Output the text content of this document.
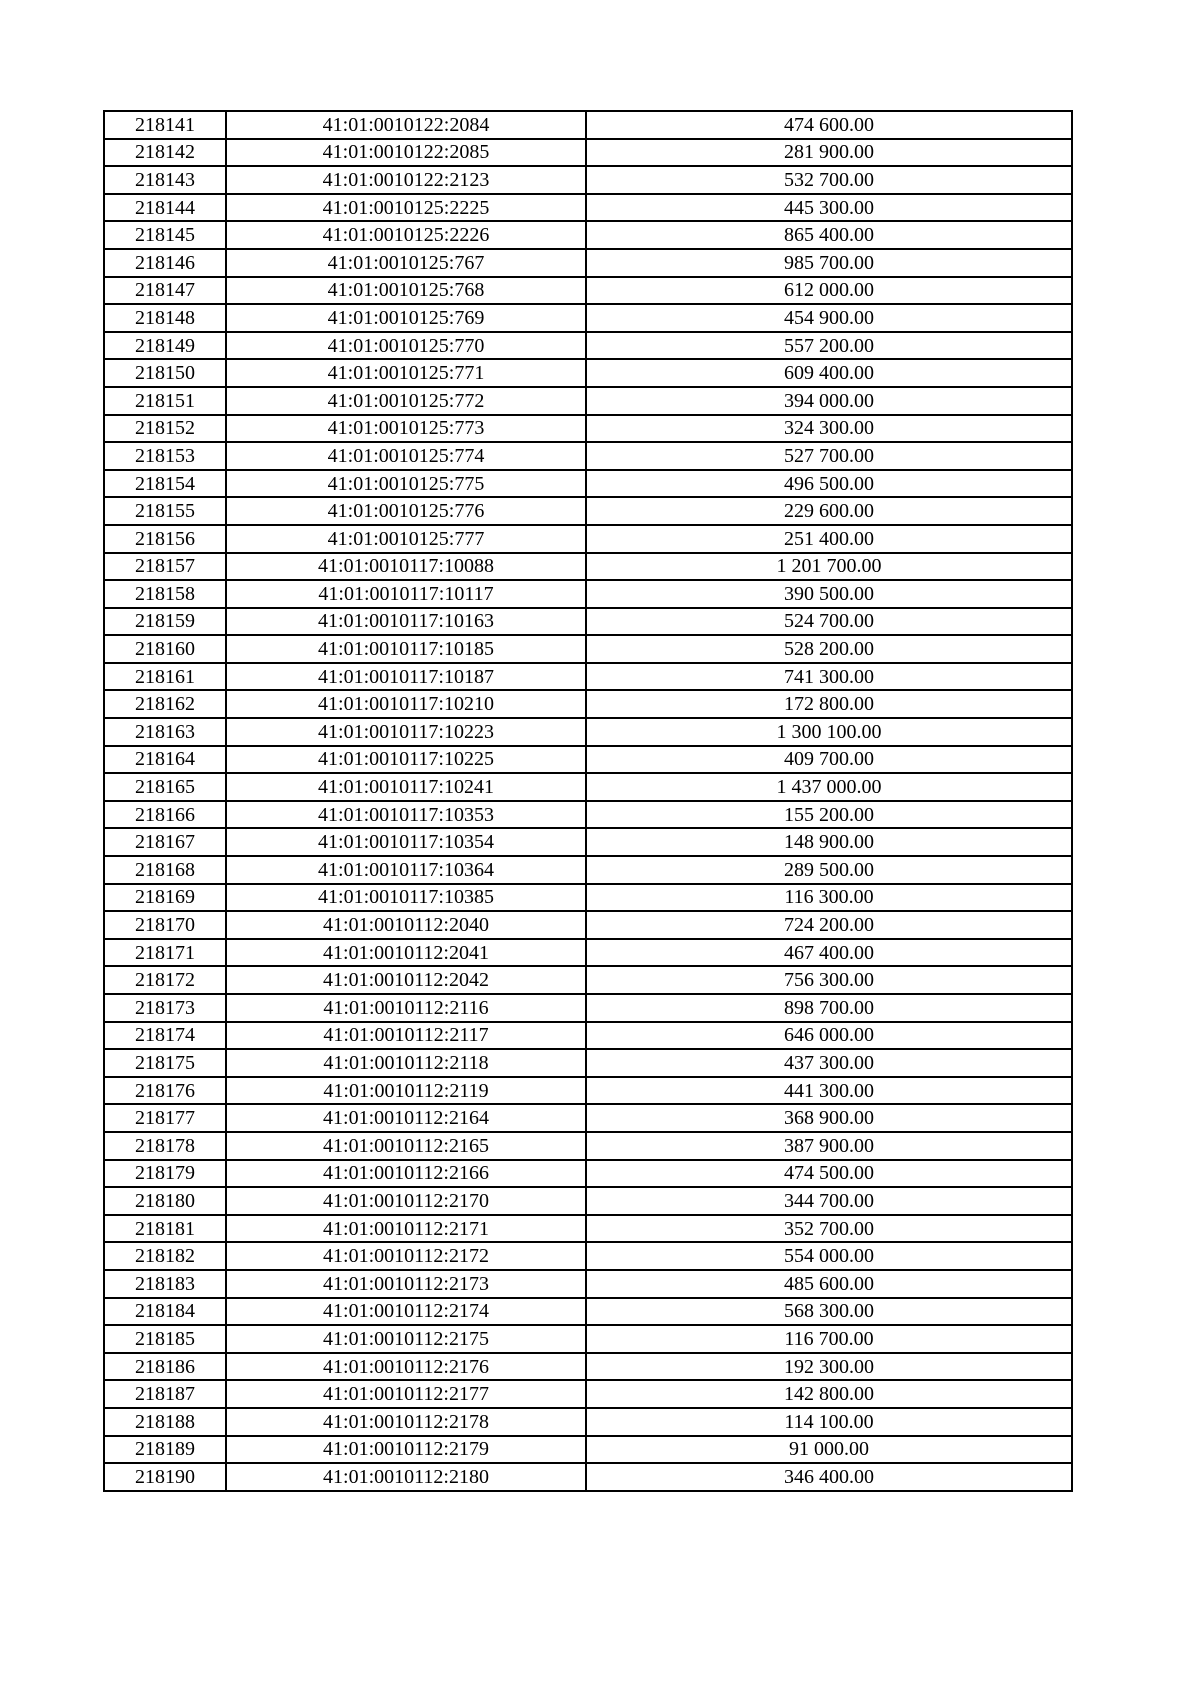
218141	41:01:0010122:2084	474 600.00
218142	41:01:0010122:2085	281 900.00
218143	41:01:0010122:2123	532 700.00
218144	41:01:0010125:2225	445 300.00
218145	41:01:0010125:2226	865 400.00
218146	41:01:0010125:767	985 700.00
218147	41:01:0010125:768	612 000.00
218148	41:01:0010125:769	454 900.00
218149	41:01:0010125:770	557 200.00
218150	41:01:0010125:771	609 400.00
218151	41:01:0010125:772	394 000.00
218152	41:01:0010125:773	324 300.00
218153	41:01:0010125:774	527 700.00
218154	41:01:0010125:775	496 500.00
218155	41:01:0010125:776	229 600.00
218156	41:01:0010125:777	251 400.00
218157	41:01:0010117:10088	1 201 700.00
218158	41:01:0010117:10117	390 500.00
218159	41:01:0010117:10163	524 700.00
218160	41:01:0010117:10185	528 200.00
218161	41:01:0010117:10187	741 300.00
218162	41:01:0010117:10210	172 800.00
218163	41:01:0010117:10223	1 300 100.00
218164	41:01:0010117:10225	409 700.00
218165	41:01:0010117:10241	1 437 000.00
218166	41:01:0010117:10353	155 200.00
218167	41:01:0010117:10354	148 900.00
218168	41:01:0010117:10364	289 500.00
218169	41:01:0010117:10385	116 300.00
218170	41:01:0010112:2040	724 200.00
218171	41:01:0010112:2041	467 400.00
218172	41:01:0010112:2042	756 300.00
218173	41:01:0010112:2116	898 700.00
218174	41:01:0010112:2117	646 000.00
218175	41:01:0010112:2118	437 300.00
218176	41:01:0010112:2119	441 300.00
218177	41:01:0010112:2164	368 900.00
218178	41:01:0010112:2165	387 900.00
218179	41:01:0010112:2166	474 500.00
218180	41:01:0010112:2170	344 700.00
218181	41:01:0010112:2171	352 700.00
218182	41:01:0010112:2172	554 000.00
218183	41:01:0010112:2173	485 600.00
218184	41:01:0010112:2174	568 300.00
218185	41:01:0010112:2175	116 700.00
218186	41:01:0010112:2176	192 300.00
218187	41:01:0010112:2177	142 800.00
218188	41:01:0010112:2178	114 100.00
218189	41:01:0010112:2179	91 000.00
218190	41:01:0010112:2180	346 400.00
